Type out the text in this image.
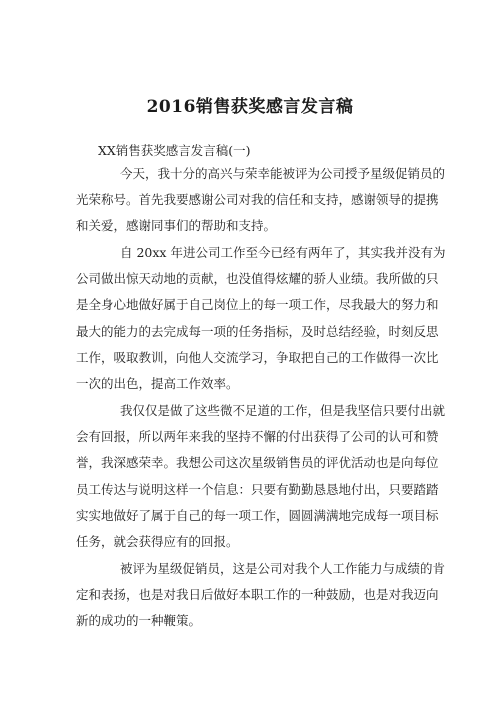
2016销售获奖感言发言稿
XX销售获奖感言发言稿(一)
今天，我十分的高兴与荣幸能被评为公司授予星级促销员的
光荣称号。首先我要感谢公司对我的信任和支持，感谢领导的提携
和关爱，感谢同事们的帮助和支持。
自 20xx 年进公司工作至今已经有两年了，其实我并没有为
公司做出惊天动地的贡献，也没值得炫耀的骄人业绩。我所做的只
是全身心地做好属于自己岗位上的每一项工作，尽我最大的努力和
最大的能力的去完成每一项的任务指标，及时总结经验，时刻反思
工作，吸取教训，向他人交流学习，争取把自己的工作做得一次比
一次的出色，提高工作效率。
我仅仅是做了这些微不足道的工作，但是我坚信只要付出就
会有回报，所以两年来我的坚持不懈的付出获得了公司的认可和赞
誉，我深感荣幸。我想公司这次星级销售员的评优活动也是向每位
员工传达与说明这样一个信息：只要有勤勤恳恳地付出，只要踏踏
实实地做好了属于自己的每一项工作，圆圆满满地完成每一项目标
任务，就会获得应有的回报。
被评为星级促销员，这是公司对我个人工作能力与成绩的肯
定和表扬，也是对我日后做好本职工作的一种鼓励，也是对我迈向
新的成功的一种鞭策。
